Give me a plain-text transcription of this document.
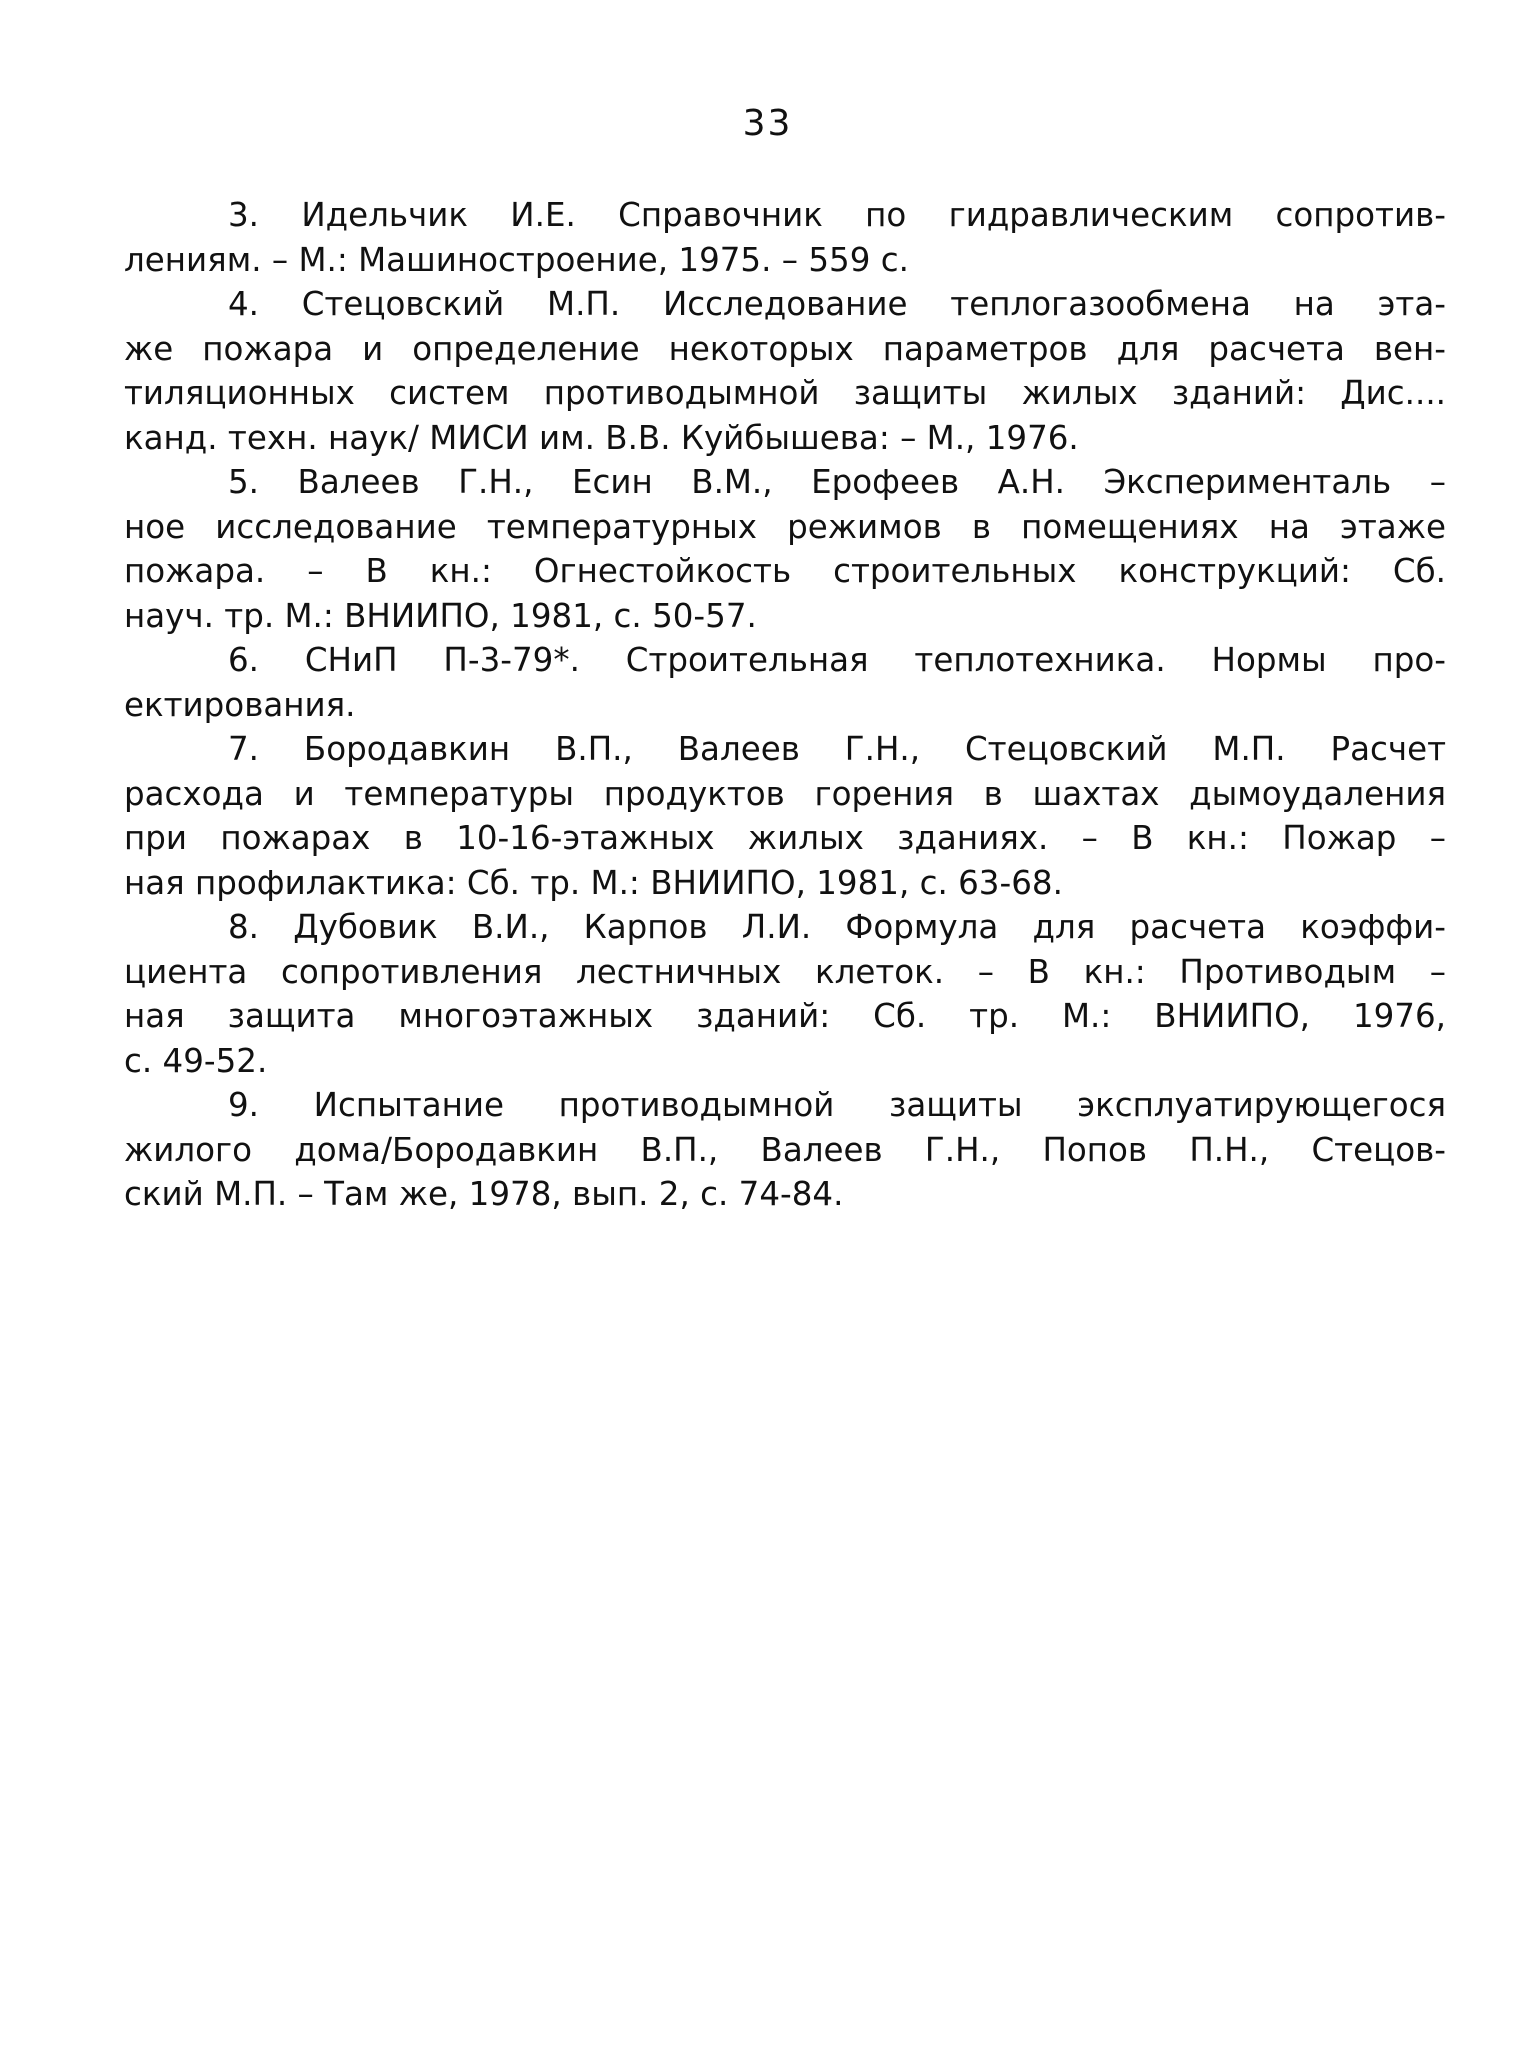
33
3. Идельчик И.Е. Справочник по гидравлическим сопротив-
лениям. – М.: Машиностроение, 1975. – 559 с.
4. Стецовский М.П. Исследование теплогазообмена на эта-
же пожара и определение некоторых параметров для расчета вен-
тиляционных систем противодымной защиты жилых зданий: Дис....
канд. техн. наук/ МИСИ им. В.В. Куйбышева: – М., 1976.
5. Валеев Г.Н., Есин В.М., Ерофеев А.Н. Эксперименталь –
ное исследование температурных режимов в помещениях на этаже
пожара. – В кн.: Огнестойкость строительных конструкций: Сб.
науч. тр. М.: ВНИИПО, 1981, с. 50-57.
6. СНиП П-3-79*. Строительная теплотехника. Нормы про-
ектирования.
7. Бородавкин В.П., Валеев Г.Н., Стецовский М.П. Расчет
расхода и температуры продуктов горения в шахтах дымоудаления
при пожарах в 10-16-этажных жилых зданиях. – В кн.: Пожар –
ная профилактика: Сб. тр. М.: ВНИИПО, 1981, с. 63-68.
8. Дубовик В.И., Карпов Л.И. Формула для расчета коэффи-
циента сопротивления лестничных клеток. – В кн.: Противодым –
ная защита многоэтажных зданий: Сб. тр. М.: ВНИИПО, 1976,
с. 49-52.
9. Испытание противодымной защиты эксплуатирующегося
жилого дома/Бородавкин В.П., Валеев Г.Н., Попов П.Н., Стецов-
ский М.П. – Там же, 1978, вып. 2, с. 74-84.
